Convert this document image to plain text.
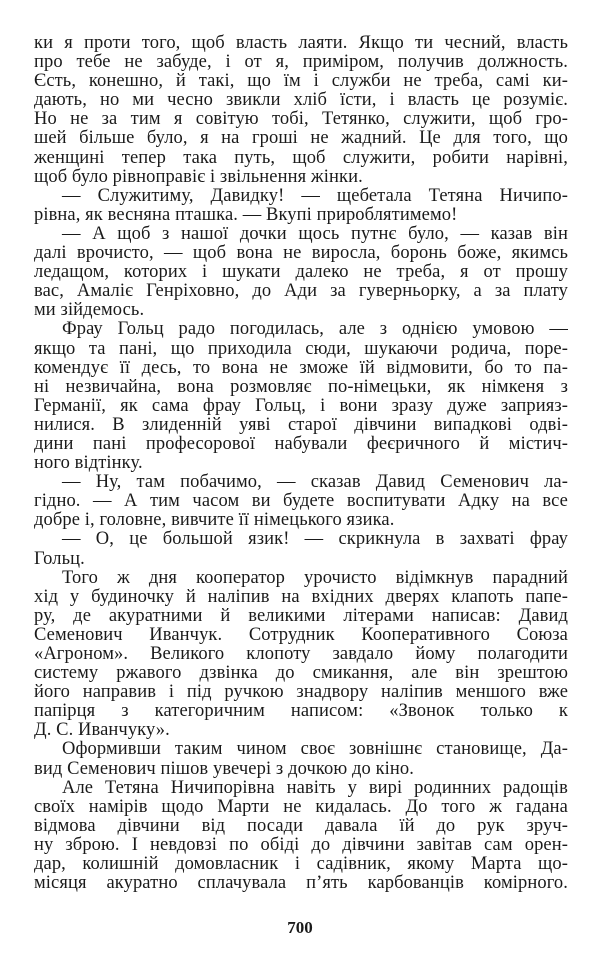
ки я проти того, щоб власть лаяти. Якщо ти чесний, власть
про тебе не забуде, і от я, приміром, получив должность.
Єсть, конешно, й такі, що їм і служби не треба, самі ки-
дають, но ми чесно звикли хліб їсти, і власть це розуміє.
Но не за тим я совітую тобі, Тетянко, служити, щоб гро-
шей більше було, я на гроші не жадний. Це для того, що
женщині тепер така путь, щоб служити, робити нарівні,
щоб було рівноправіє і звільнення жінки.
— Служитиму, Давидку! — щебетала Тетяна Ничипо-
рівна, як весняна пташка. — Вкупі прироблятимемо!
— А щоб з нашої дочки щось путнє було, — казав він
далі врочисто, — щоб вона не виросла, боронь боже, якимсь
ледащом, которих і шукати далеко не треба, я от прошу
вас, Амаліє Генріховно, до Ади за гуверньорку, а за плату
ми зійдемось.
Фрау Гольц радо погодилась, але з однією умовою —
якщо та пані, що приходила сюди, шукаючи родича, поре-
комендує її десь, то вона не зможе їй відмовити, бо то па-
ні незвичайна, вона розмовляє по-німецьки, як німкеня з
Германії, як сама фрау Гольц, і вони зразу дуже заприяз-
нилися. В злиденній уяві старої дівчини випадкові одві-
дини пані професорової набували феєричного й містич-
ного відтінку.
— Ну, там побачимо, — сказав Давид Семенович ла-
гідно. — А тим часом ви будете воспитувати Адку на все
добре і, головне, вивчите її німецького язика.
— О, це большой язик! — скрикнула в захваті фрау
Гольц.
Того ж дня кооператор урочисто відімкнув парадний
хід у будиночку й наліпив на вхідних дверях клапоть папе-
ру, де акуратними й великими літерами написав: Давид
Семенович Иванчук. Сотрудник Кооперативного Союза
«Агроном». Великого клопоту завдало йому полагодити
систему ржавого дзвінка до смикання, але він зрештою
його направив і під ручкою знадвору наліпив меншого вже
папірця з категоричним написом: «Звонок только к
Д. С. Иванчуку».
Оформивши таким чином своє зовнішнє становище, Да-
вид Семенович пішов увечері з дочкою до кіно.
Але Тетяна Ничипорівна навіть у вирі родинних радощів
своїх намірів щодо Марти не кидалась. До того ж гадана
відмова дівчини від посади давала їй до рук зруч-
ну зброю. І невдовзі по обіді до дівчини завітав сам орен-
дар, колишній домовласник і садівник, якому Марта що-
місяця акуратно сплачувала п’ять карбованців комірного.
700
